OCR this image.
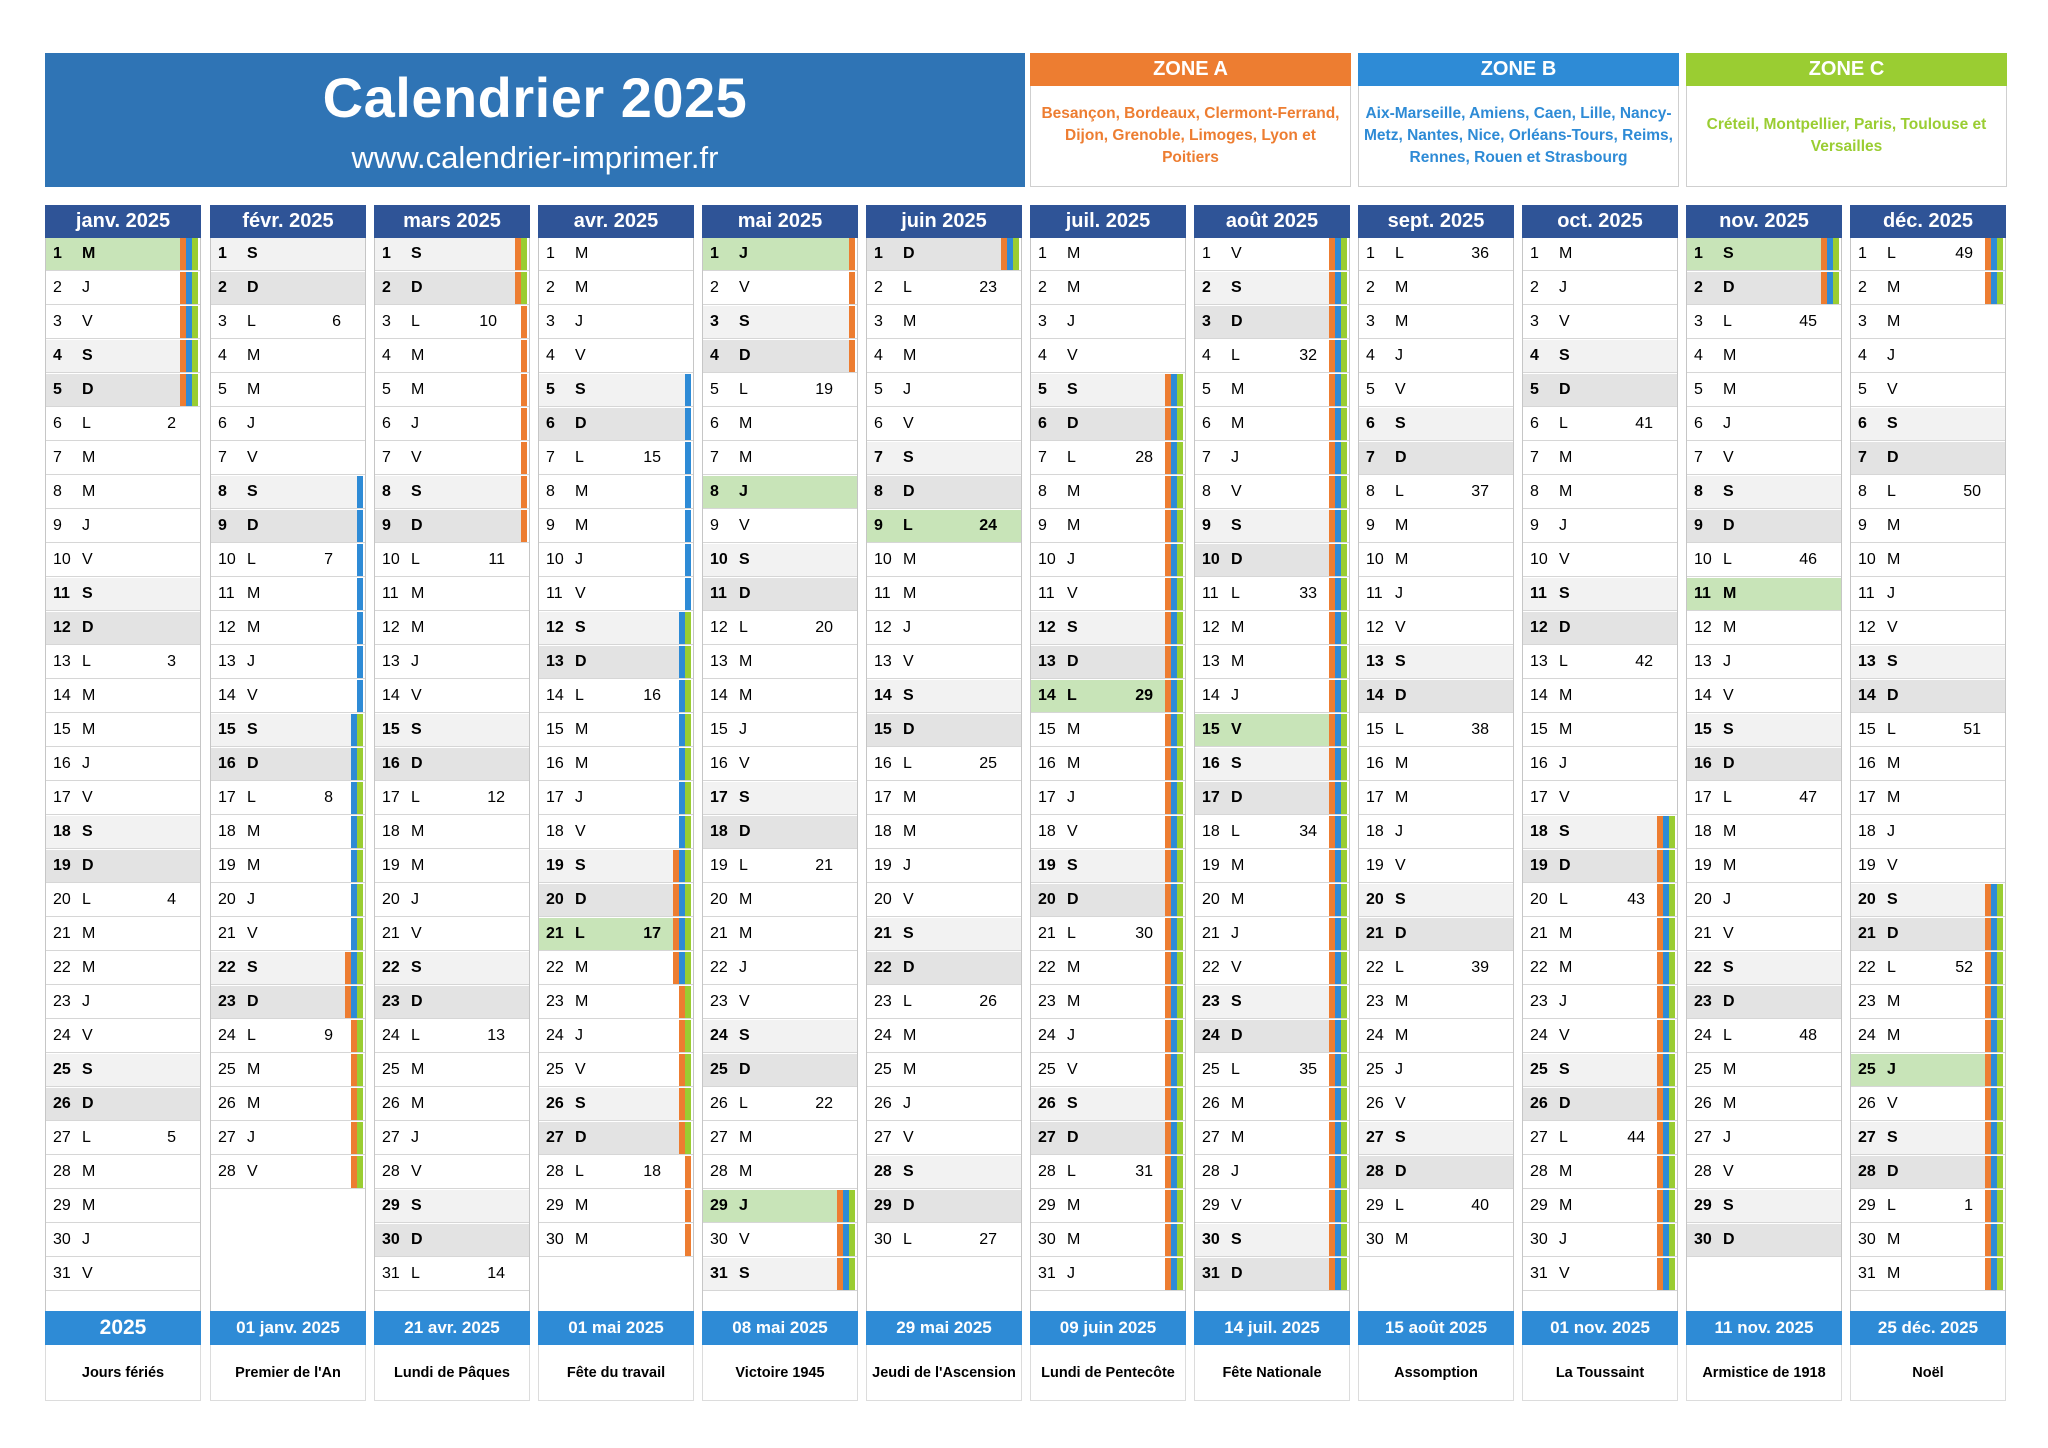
Calendrier 2025
www.calendrier-imprimer.fr
ZONE A
Besançon, Bordeaux, Clermont-Ferrand, Dijon, Grenoble, Limoges, Lyon et Poitiers
ZONE B
Aix-Marseille, Amiens, Caen, Lille, Nancy-Metz, Nantes, Nice, Orléans-Tours, Reims, Rennes, Rouen et Strasbourg
ZONE C
Créteil, Montpellier, Paris, Toulouse et Versailles
janv. 2025
1 M
2 J
3 V
4 S
5 D
6 L	2
7 M
8 M
9 J
10 V
11 S
12 D
13 L	3
14 M
15 M
16 J
17 V
18 S
19 D
20 L	4
21 M
22 M
23 J
24 V
25 S
26 D
27 L	5
28 M
29 M
30 J
31 V
févr. 2025
1 S
2 D
3 L	6
4 M
5 M
6 J
7 V
8 S
9 D
10 L	7
11 M
12 M
13 J
14 V
15 S
16 D
17 L	8
18 M
19 M
20 J
21 V
22 S
23 D
24 L	9
25 M
26 M
27 J
28 V
mars 2025
1 S
2 D
3 L	10
4 M
5 M
6 J
7 V
8 S
9 D
10 L	11
11 M
12 M
13 J
14 V
15 S
16 D
17 L	12
18 M
19 M
20 J
21 V
22 S
23 D
24 L	13
25 M
26 M
27 J
28 V
29 S
30 D
31 L	14
avr. 2025
1 M
2 M
3 J
4 V
5 S
6 D
7 L	15
8 M
9 M
10 J
11 V
12 S
13 D
14 L	16
15 M
16 M
17 J
18 V
19 S
20 D
21 L	17
22 M
23 M
24 J
25 V
26 S
27 D
28 L	18
29 M
30 M
mai 2025
1 J
2 V
3 S
4 D
5 L	19
6 M
7 M
8 J
9 V
10 S
11 D
12 L	20
13 M
14 M
15 J
16 V
17 S
18 D
19 L	21
20 M
21 M
22 J
23 V
24 S
25 D
26 L	22
27 M
28 M
29 J
30 V
31 S
juin 2025
1 D
2 L	23
3 M
4 M
5 J
6 V
7 S
8 D
9 L	24
10 M
11 M
12 J
13 V
14 S
15 D
16 L	25
17 M
18 M
19 J
20 V
21 S
22 D
23 L	26
24 M
25 M
26 J
27 V
28 S
29 D
30 L	27
juil. 2025
1 M
2 M
3 J
4 V
5 S
6 D
7 L	28
8 M
9 M
10 J
11 V
12 S
13 D
14 L	29
15 M
16 M
17 J
18 V
19 S
20 D
21 L	30
22 M
23 M
24 J
25 V
26 S
27 D
28 L	31
29 M
30 M
31 J
août 2025
1 V
2 S
3 D
4 L	32
5 M
6 M
7 J
8 V
9 S
10 D
11 L	33
12 M
13 M
14 J
15 V
16 S
17 D
18 L	34
19 M
20 M
21 J
22 V
23 S
24 D
25 L	35
26 M
27 M
28 J
29 V
30 S
31 D
sept. 2025
1 L	36
2 M
3 M
4 J
5 V
6 S
7 D
8 L	37
9 M
10 M
11 J
12 V
13 S
14 D
15 L	38
16 M
17 M
18 J
19 V
20 S
21 D
22 L	39
23 M
24 M
25 J
26 V
27 S
28 D
29 L	40
30 M
oct. 2025
1 M
2 J
3 V
4 S
5 D
6 L	41
7 M
8 M
9 J
10 V
11 S
12 D
13 L	42
14 M
15 M
16 J
17 V
18 S
19 D
20 L	43
21 M
22 M
23 J
24 V
25 S
26 D
27 L	44
28 M
29 M
30 J
31 V
nov. 2025
1 S
2 D
3 L	45
4 M
5 M
6 J
7 V
8 S
9 D
10 L	46
11 M
12 M
13 J
14 V
15 S
16 D
17 L	47
18 M
19 M
20 J
21 V
22 S
23 D
24 L	48
25 M
26 M
27 J
28 V
29 S
30 D
déc. 2025
1 L	49
2 M
3 M
4 J
5 V
6 S
7 D
8 L	50
9 M
10 M
11 J
12 V
13 S
14 D
15 L	51
16 M
17 M
18 J
19 V
20 S
21 D
22 L	52
23 M
24 M
25 J
26 V
27 S
28 D
29 L	1
30 M
31 M
2025
Jours fériés
01 janv. 2025
Premier de l'An
21 avr. 2025
Lundi de Pâques
01 mai 2025
Fête du travail
08 mai 2025
Victoire 1945
29 mai 2025
Jeudi de l'Ascension
09 juin 2025
Lundi de Pentecôte
14 juil. 2025
Fête Nationale
15 août 2025
Assomption
01 nov. 2025
La Toussaint
11 nov. 2025
Armistice de 1918
25 déc. 2025
Noël
